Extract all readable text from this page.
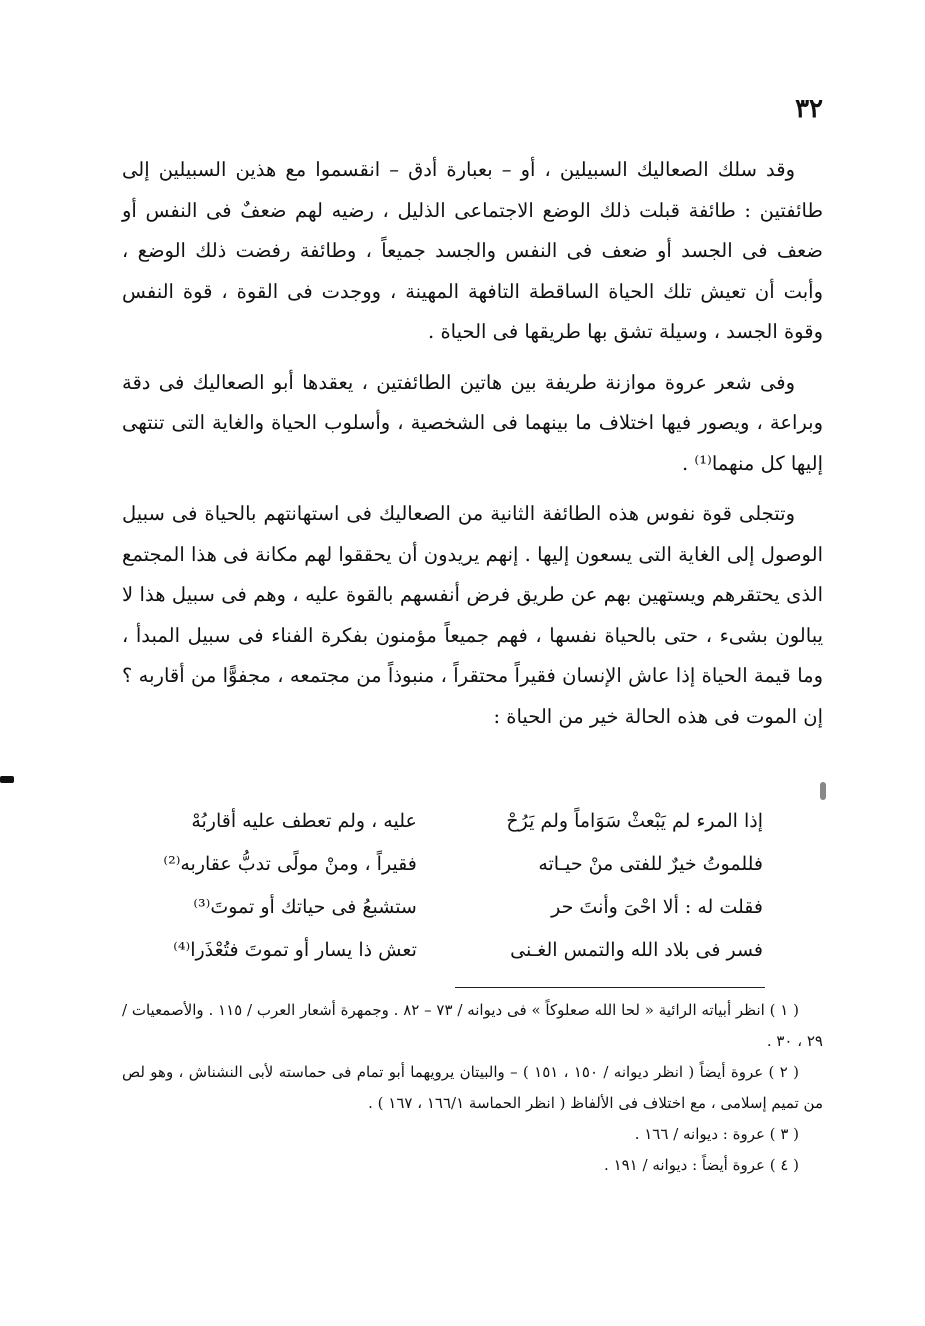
٣٢

وقد سلك الصعاليك السبيلين ، أو – بعبارة أدق – انقسموا مع هذين السبيلين إلى طائفتين : طائفة قبلت ذلك الوضع الاجتماعى الذليل ، رضيه لهم ضعفٌ فى النفس أو ضعف فى الجسد أو ضعف فى النفس والجسد جميعاً ، وطائفة رفضت ذلك الوضع ، وأبت أن تعيش تلك الحياة الساقطة التافهة المهينة ، ووجدت فى القوة ، قوة النفس وقوة الجسد ، وسيلة تشق بها طريقها فى الحياة .

وفى شعر عروة موازنة طريفة بين هاتين الطائفتين ، يعقدها أبو الصعاليك فى دقة وبراعة ، ويصور فيها اختلاف ما بينهما فى الشخصية ، وأسلوب الحياة والغاية التى تنتهى إليها كل منهما⁽¹⁾ .

وتتجلى قوة نفوس هذه الطائفة الثانية من الصعاليك فى استهانتهم بالحياة فى سبيل الوصول إلى الغاية التى يسعون إليها . إنهم يريدون أن يحققوا لهم مكانة فى هذا المجتمع الذى يحتقرهم ويستهين بهم عن طريق فرض أنفسهم بالقوة عليه ، وهم فى سبيل هذا لا يبالون بشىء ، حتى بالحياة نفسها ، فهم جميعاً مؤمنون بفكرة الفناء فى سبيل المبدأ ، وما قيمة الحياة إذا عاش الإنسان فقيراً محتقراً ، منبوذاً من مجتمعه ، مجفوًّا من أقاربه ؟ إن الموت فى هذه الحالة خير من الحياة :

إذا المرء لم يَبْعثْ سَوَاماً ولم يَرُحْ
عليه ، ولم تعطف عليه أقاربُهْ
فللموتُ خيرٌ للفتى منْ حيـاته
فقيراً ، ومنْ مولًى تدبُّ عقاربه⁽²⁾
فقلت له : ألا احْىَ وأنتَ حر
ستشبعُ فى حياتك أو تموتَ⁽³⁾
فسر فى بلاد الله والتمس الغـنى
تعش ذا يسار أو تموتَ فتُعْذَرا⁽⁴⁾

( ١ ) انظر أبياته الرائية « لحا الله صعلوكاً » فى ديوانه / ٧٣ – ٨٢ . وجمهرة أشعار العرب / ١١٥ . والأصمعيات / ٢٩ ، ٣٠ .

( ٢ ) عروة أيضاً ( انظر ديوانه / ١٥٠ ، ١٥١ ) – والبيتان يرويهما أبو تمام فى حماسته لأبى النشناش ، وهو لص من تميم إسلامى ، مع اختلاف فى الألفاظ ( انظر الحماسة ١٦٦/١ ، ١٦٧ ) .

( ٣ ) عروة : ديوانه / ١٦٦ .

( ٤ ) عروة أيضاً : ديوانه / ١٩١ .
